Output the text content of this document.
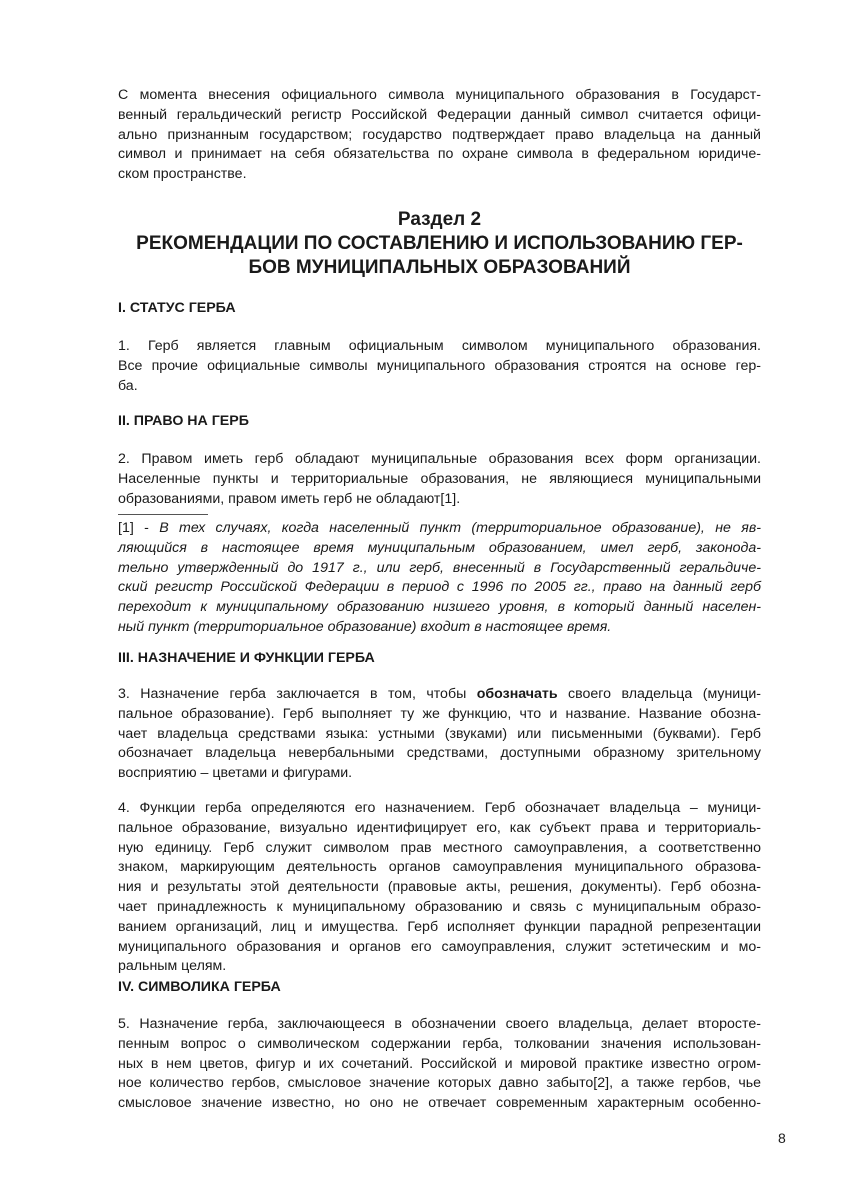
С момента внесения официального символа муниципального образования в Государст-
венный геральдический регистр Российской Федерации данный символ считается офици-
ально признанным государством; государство подтверждает право владельца на данный
символ и принимает на себя обязательства по охране символа в федеральном юридиче-
ском пространстве.
Раздел 2
РЕКОМЕНДАЦИИ ПО СОСТАВЛЕНИЮ И ИСПОЛЬЗОВАНИЮ ГЕР-
БОВ МУНИЦИПАЛЬНЫХ ОБРАЗОВАНИЙ
I. СТАТУС ГЕРБА
1. Герб является главным официальным символом муниципального образования.
Все прочие официальные символы муниципального образования строятся на основе гер-
ба.
II. ПРАВО НА ГЕРБ
2. Правом иметь герб обладают муниципальные образования всех форм организации.
Населенные пункты и территориальные образования, не являющиеся муниципальными
образованиями, правом иметь герб не обладают[1].
[1] - В тех случаях, когда населенный пункт (территориальное образование), не яв-
ляющийся в настоящее время муниципальным образованием, имел герб, законода-
тельно утвержденный до 1917 г., или герб, внесенный в Государственный геральдиче-
ский регистр Российской Федерации в период с 1996 по 2005 гг., право на данный герб
переходит к муниципальному образованию низшего уровня, в который данный населен-
ный пункт (территориальное образование) входит в настоящее время.
III. НАЗНАЧЕНИЕ И ФУНКЦИИ ГЕРБА
3. Назначение герба заключается в том, чтобы обозначать своего владельца (муници-
пальное образование). Герб выполняет ту же функцию, что и название. Название обозна-
чает владельца средствами языка: устными (звуками) или письменными (буквами). Герб
обозначает владельца невербальными средствами, доступными образному зрительному
восприятию – цветами и фигурами.
4. Функции герба определяются его назначением. Герб обозначает владельца – муници-
пальное образование, визуально идентифицирует его, как субъект права и территориаль-
ную единицу. Герб служит символом прав местного самоуправления, а соответственно
знаком, маркирующим деятельность органов самоуправления муниципального образова-
ния и результаты этой деятельности (правовые акты, решения, документы). Герб обозна-
чает принадлежность к муниципальному образованию и связь с муниципальным образо-
ванием организаций, лиц и имущества. Герб исполняет функции парадной репрезентации
муниципального образования и органов его самоуправления, служит эстетическим и мо-
ральным целям.
IV. СИМВОЛИКА ГЕРБА
5. Назначение герба, заключающееся в обозначении своего владельца, делает второсте-
пенным вопрос о символическом содержании герба, толковании значения использован-
ных в нем цветов, фигур и их сочетаний. Российской и мировой практике известно огром-
ное количество гербов, смысловое значение которых давно забыто[2], а также гербов, чье
смысловое значение известно, но оно не отвечает современным характерным особенно-
8
